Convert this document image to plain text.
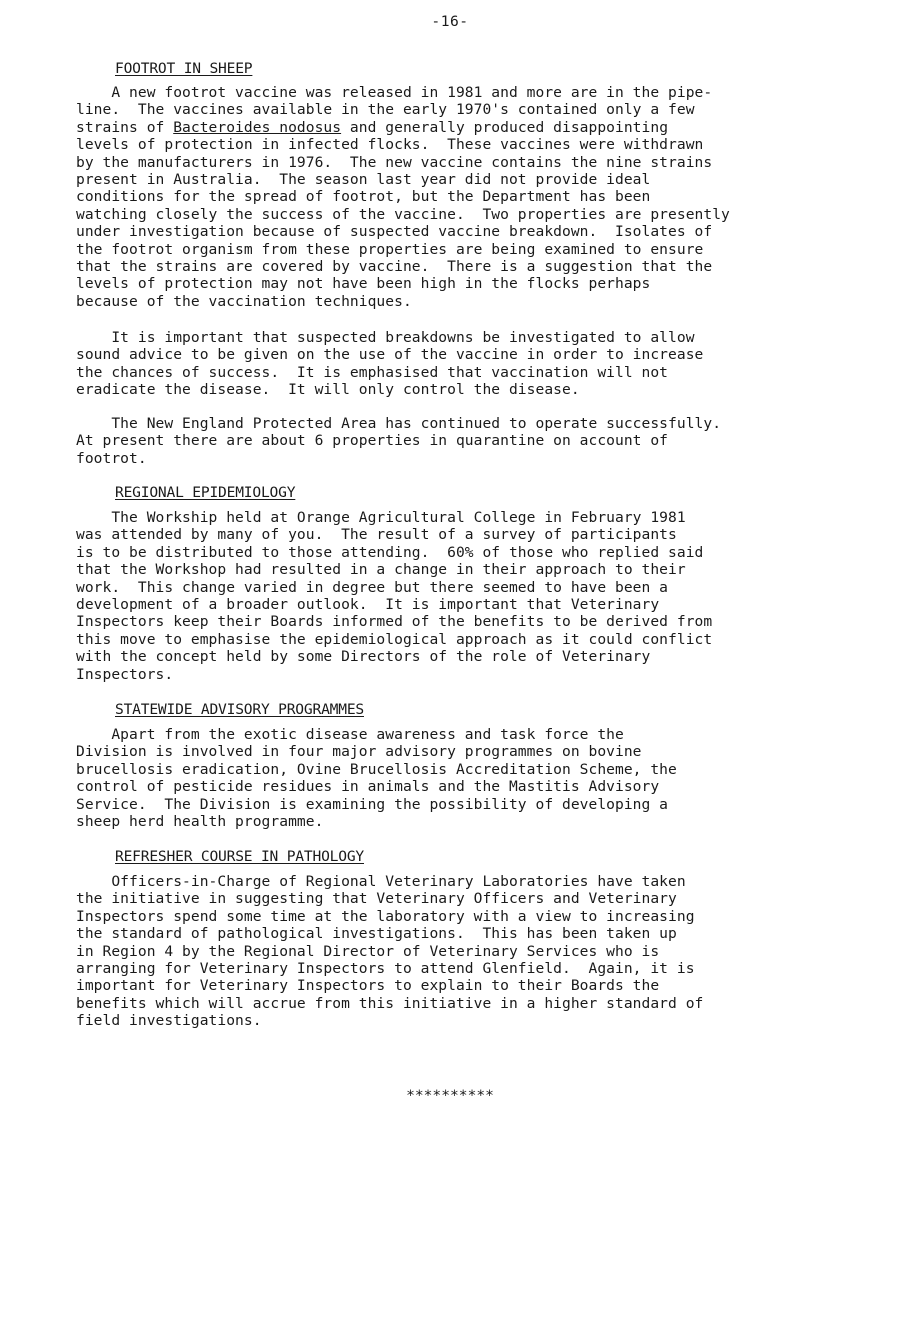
-16-
FOOTROT IN SHEEP

A new footrot vaccine was released in 1981 and more are in the pipe-
line.  The vaccines available in the early 1970's contained only a few
strains of Bacteroides nodosus and generally produced disappointing
levels of protection in infected flocks.  These vaccines were withdrawn
by the manufacturers in 1976.  The new vaccine contains the nine strains
present in Australia.  The season last year did not provide ideal
conditions for the spread of footrot, but the Department has been
watching closely the success of the vaccine.  Two properties are presently
under investigation because of suspected vaccine breakdown.  Isolates of
the footrot organism from these properties are being examined to ensure
that the strains are covered by vaccine.  There is a suggestion that the
levels of protection may not have been high in the flocks perhaps
because of the vaccination techniques.

It is important that suspected breakdowns be investigated to allow
sound advice to be given on the use of the vaccine in order to increase
the chances of success.  It is emphasised that vaccination will not
eradicate the disease.  It will only control the disease.

The New England Protected Area has continued to operate successfully.
At present there are about 6 properties in quarantine on account of
footrot.

REGIONAL EPIDEMIOLOGY

The Workship held at Orange Agricultural College in February 1981
was attended by many of you.  The result of a survey of participants
is to be distributed to those attending.  60% of those who replied said
that the Workshop had resulted in a change in their approach to their
work.  This change varied in degree but there seemed to have been a
development of a broader outlook.  It is important that Veterinary
Inspectors keep their Boards informed of the benefits to be derived from
this move to emphasise the epidemiological approach as it could conflict
with the concept held by some Directors of the role of Veterinary
Inspectors.

STATEWIDE ADVISORY PROGRAMMES

Apart from the exotic disease awareness and task force the
Division is involved in four major advisory programmes on bovine
brucellosis eradication, Ovine Brucellosis Accreditation Scheme, the
control of pesticide residues in animals and the Mastitis Advisory
Service.  The Division is examining the possibility of developing a
sheep herd health programme.

REFRESHER COURSE IN PATHOLOGY

Officers-in-Charge of Regional Veterinary Laboratories have taken
the initiative in suggesting that Veterinary Officers and Veterinary
Inspectors spend some time at the laboratory with a view to increasing
the standard of pathological investigations.  This has been taken up
in Region 4 by the Regional Director of Veterinary Services who is
arranging for Veterinary Inspectors to attend Glenfield.  Again, it is
important for Veterinary Inspectors to explain to their Boards the
benefits which will accrue from this initiative in a higher standard of
field investigations.

**********
